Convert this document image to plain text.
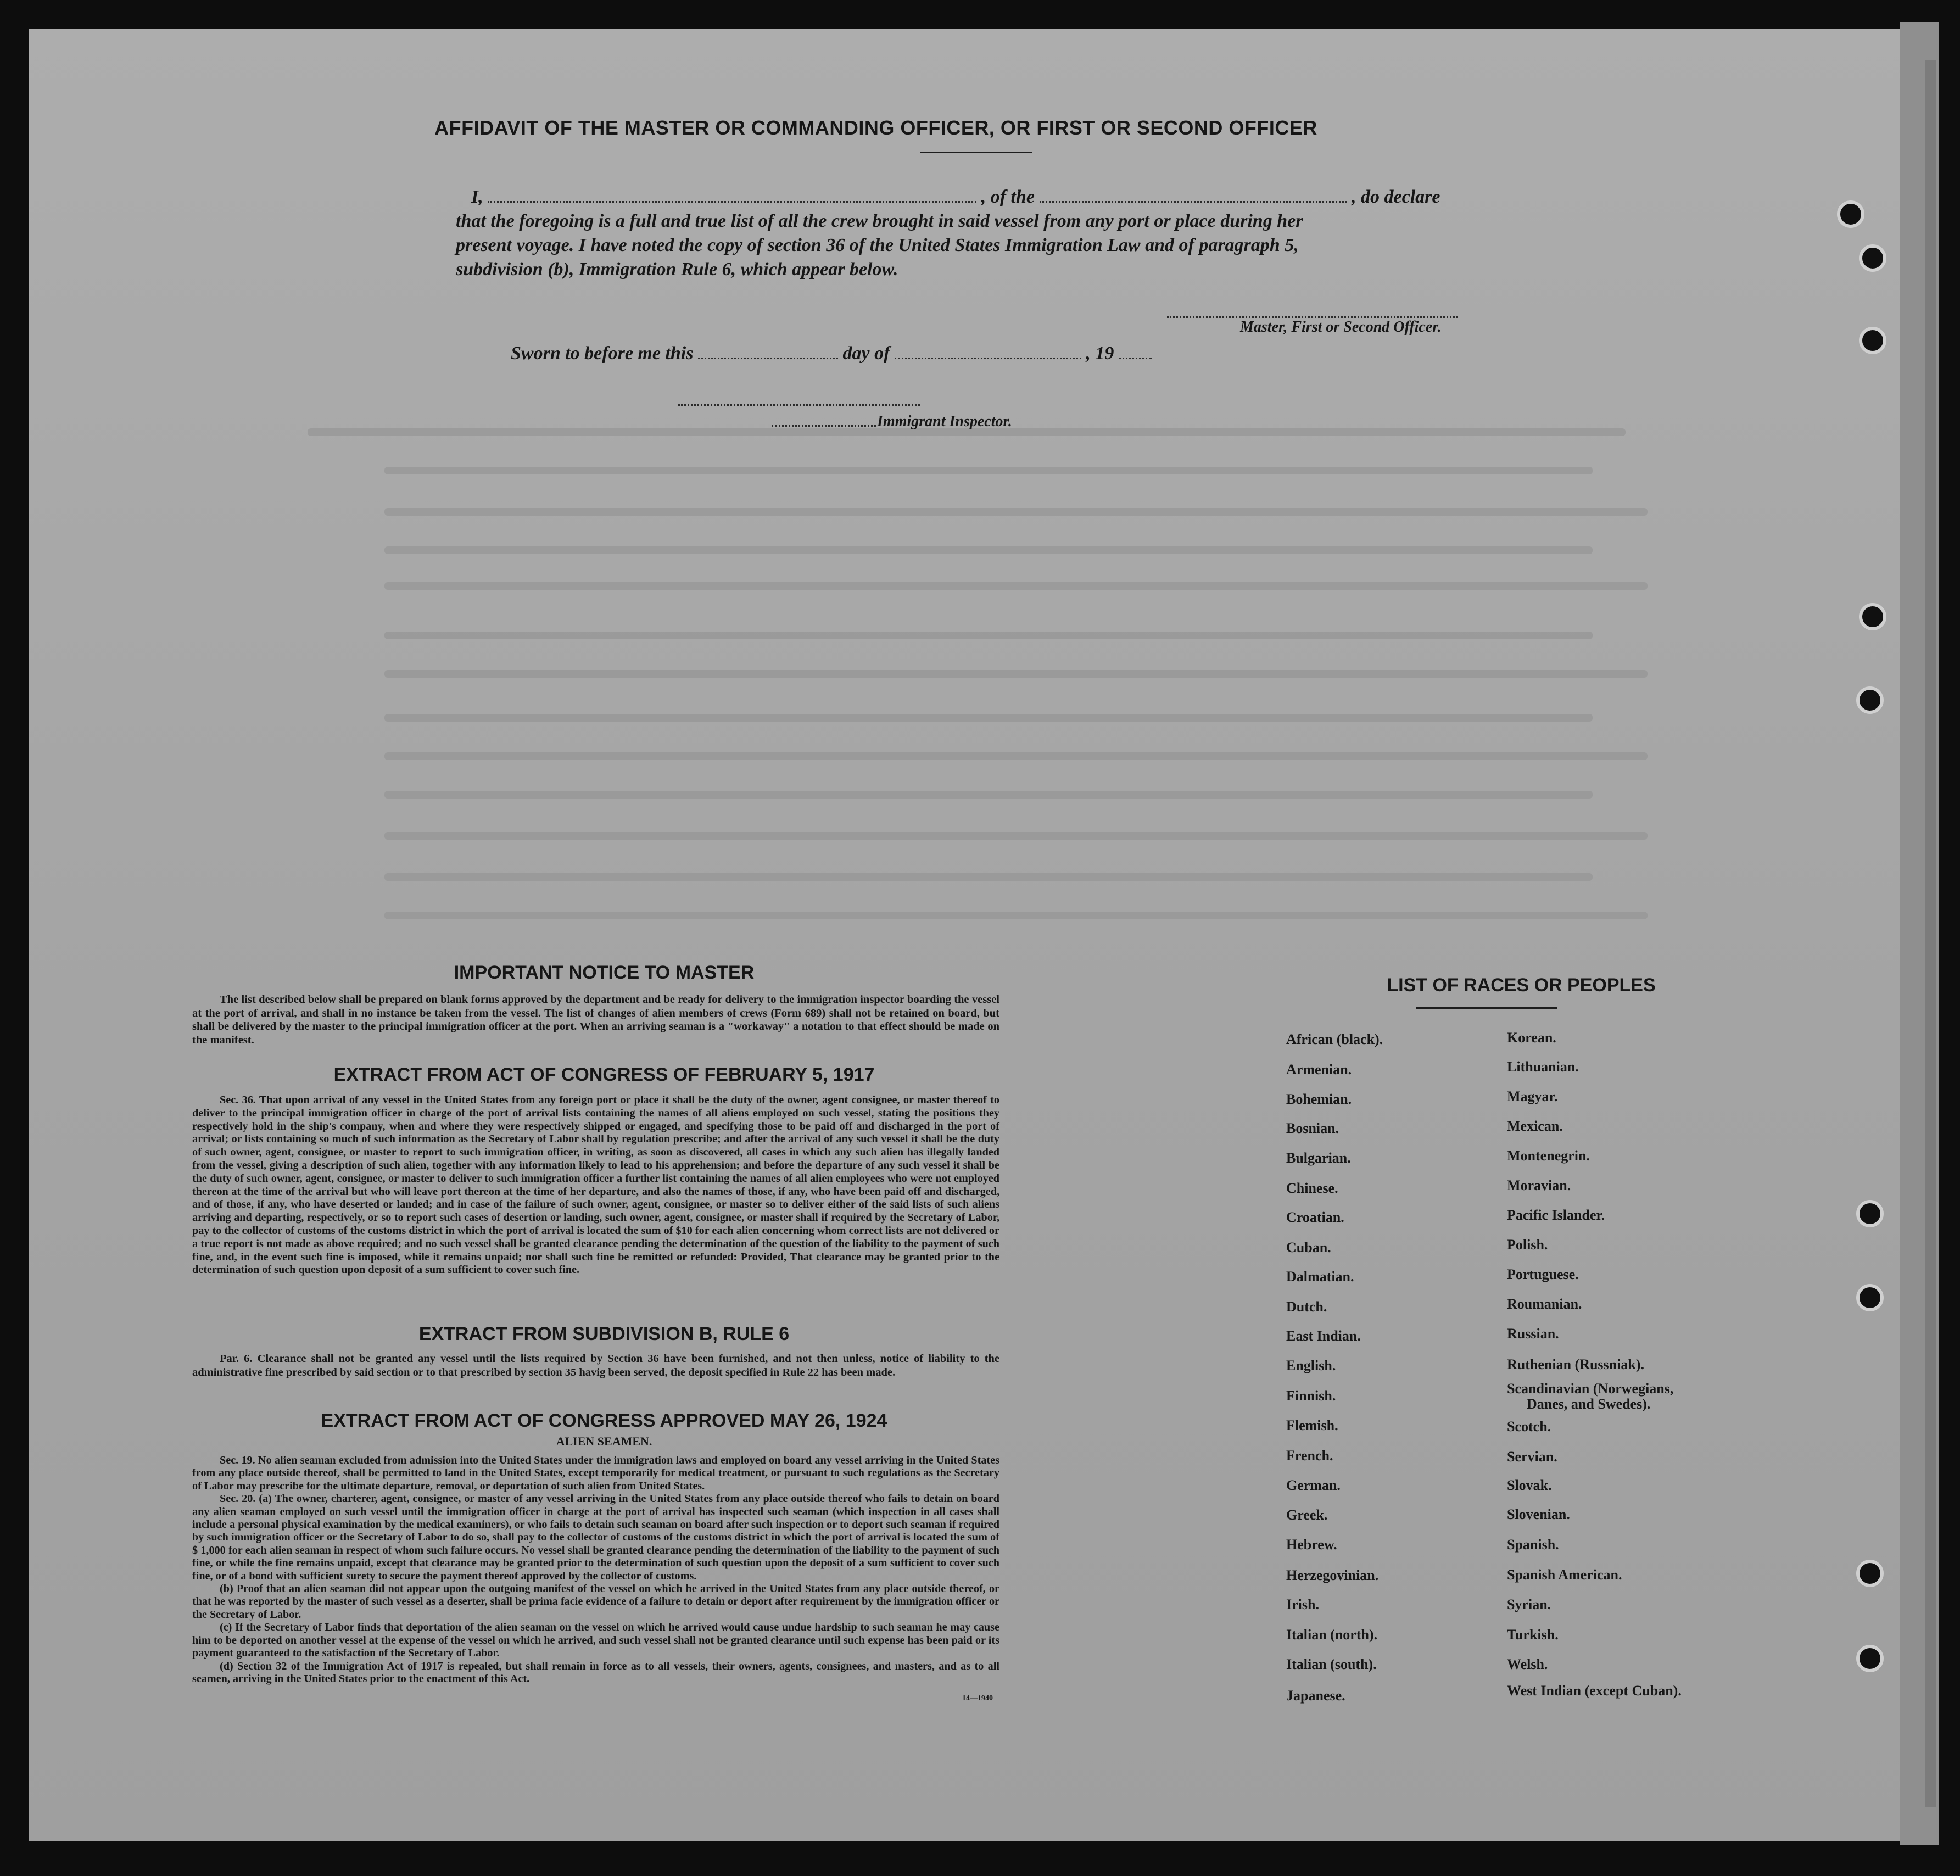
AFFIDAVIT OF THE MASTER OR COMMANDING OFFICER, OR FIRST OR SECOND OFFICER
I,	, of the	, do declare
that the foregoing is a full and true list of all the crew brought in said vessel from any port or place during her
present voyage. I have noted the copy of section 36 of the United States Immigration Law and of paragraph 5,
subdivision (b), Immigration Rule 6, which appear below.
Master, First or Second Officer.
Sworn to before me this	day of	, 19
Immigrant Inspector.
IMPORTANT NOTICE TO MASTER

The list described below shall be prepared on blank forms approved by the department and be ready for delivery to the immigration inspector boarding the vessel at the port of arrival, and shall in no instance be taken from the vessel. The list of changes of alien members of crews (Form 689) shall not be retained on board, but shall be delivered by the master to the principal immigration officer at the port. When an arriving seaman is a "workaway" a notation to that effect should be made on the manifest.

EXTRACT FROM ACT OF CONGRESS OF FEBRUARY 5, 1917

Sec. 36. That upon arrival of any vessel in the United States from any foreign port or place it shall be the duty of the owner, agent consignee, or master thereof to deliver to the principal immigration officer in charge of the port of arrival lists containing the names of all aliens employed on such vessel, stating the positions they respectively hold in the ship's company, when and where they were respectively shipped or engaged, and specifying those to be paid off and discharged in the port of arrival; or lists containing so much of such information as the Secretary of Labor shall by regulation prescribe; and after the arrival of any such vessel it shall be the duty of such owner, agent, consignee, or master to report to such immigration officer, in writing, as soon as discovered, all cases in which any such alien has illegally landed from the vessel, giving a description of such alien, together with any information likely to lead to his apprehension; and before the departure of any such vessel it shall be the duty of such owner, agent, consignee, or master to deliver to such immigration officer a further list containing the names of all alien employees who were not employed thereon at the time of the arrival but who will leave port thereon at the time of her departure, and also the names of those, if any, who have been paid off and discharged, and of those, if any, who have deserted or landed; and in case of the failure of such owner, agent, consignee, or master so to deliver either of the said lists of such aliens arriving and departing, respectively, or so to report such cases of desertion or landing, such owner, agent, consignee, or master shall if required by the Secretary of Labor, pay to the collector of customs of the customs district in which the port of arrival is located the sum of $10 for each alien concerning whom correct lists are not delivered or a true report is not made as above required; and no such vessel shall be granted clearance pending the determination of the question of the liability to the payment of such fine, and, in the event such fine is imposed, while it remains unpaid; nor shall such fine be remitted or refunded: Provided, That clearance may be granted prior to the determination of such question upon deposit of a sum sufficient to cover such fine.

EXTRACT FROM SUBDIVISION B, RULE 6

Par. 6. Clearance shall not be granted any vessel until the lists required by Section 36 have been furnished, and not then unless, notice of liability to the administrative fine prescribed by said section or to that prescribed by section 35 havig been served, the deposit specified in Rule 22 has been made.

EXTRACT FROM ACT OF CONGRESS APPROVED MAY 26, 1924
ALIEN SEAMEN.

Sec. 19. No alien seaman excluded from admission into the United States under the immigration laws and employed on board any vessel arriving in the United States from any place outside thereof, shall be permitted to land in the United States, except temporarily for medical treatment, or pursuant to such regulations as the Secretary of Labor may prescribe for the ultimate departure, removal, or deportation of such alien from United States.

Sec. 20. (a) The owner, charterer, agent, consignee, or master of any vessel arriving in the United States from any place outside thereof who fails to detain on board any alien seaman employed on such vessel until the immigration officer in charge at the port of arrival has inspected such seaman (which inspection in all cases shall include a personal physical examination by the medical examiners), or who fails to detain such seaman on board after such inspection or to deport such seaman if required by such immigration officer or the Secretary of Labor to do so, shall pay to the collector of customs of the customs district in which the port of arrival is located the sum of $ 1,000 for each alien seaman in respect of whom such failure occurs. No vessel shall be granted clearance pending the determination of the liability to the payment of such fine, or while the fine remains unpaid, except that clearance may be granted prior to the determination of such question upon the deposit of a sum sufficient to cover such fine, or of a bond with sufficient surety to secure the payment thereof approved by the collector of customs.

(b) Proof that an alien seaman did not appear upon the outgoing manifest of the vessel on which he arrived in the United States from any place outside thereof, or that he was reported by the master of such vessel as a deserter, shall be prima facie evidence of a failure to detain or deport after requirement by the immigration officer or the Secretary of Labor.

(c) If the Secretary of Labor finds that deportation of the alien seaman on the vessel on which he arrived would cause undue hardship to such seaman he may cause him to be deported on another vessel at the expense of the vessel on which he arrived, and such vessel shall not be granted clearance until such expense has been paid or its payment guaranteed to the satisfaction of the Secretary of Labor.

(d) Section 32 of the Immigration Act of 1917 is repealed, but shall remain in force as to all vessels, their owners, agents, consignees, and masters, and as to all seamen, arriving in the United States prior to the enactment of this Act.

14—1940
LIST OF RACES OR PEOPLES
African (black).
Armenian.
Bohemian.
Bosnian.
Bulgarian.
Chinese.
Croatian.
Cuban.
Dalmatian.
Dutch.
East Indian.
English.
Finnish.
Flemish.
French.
German.
Greek.
Hebrew.
Herzegovinian.
Irish.
Italian (north).
Italian (south).
Japanese.
Korean.
Lithuanian.
Magyar.
Mexican.
Montenegrin.
Moravian.
Pacific Islander.
Polish.
Portuguese.
Roumanian.
Russian.
Ruthenian (Russniak).
Scotch.
Servian.
Slovak.
Slovenian.
Spanish.
Spanish American.
Syrian.
Turkish.
Welsh.
West Indian (except Cuban).
Scandinavian (Norwegians,
Danes, and Swedes).
